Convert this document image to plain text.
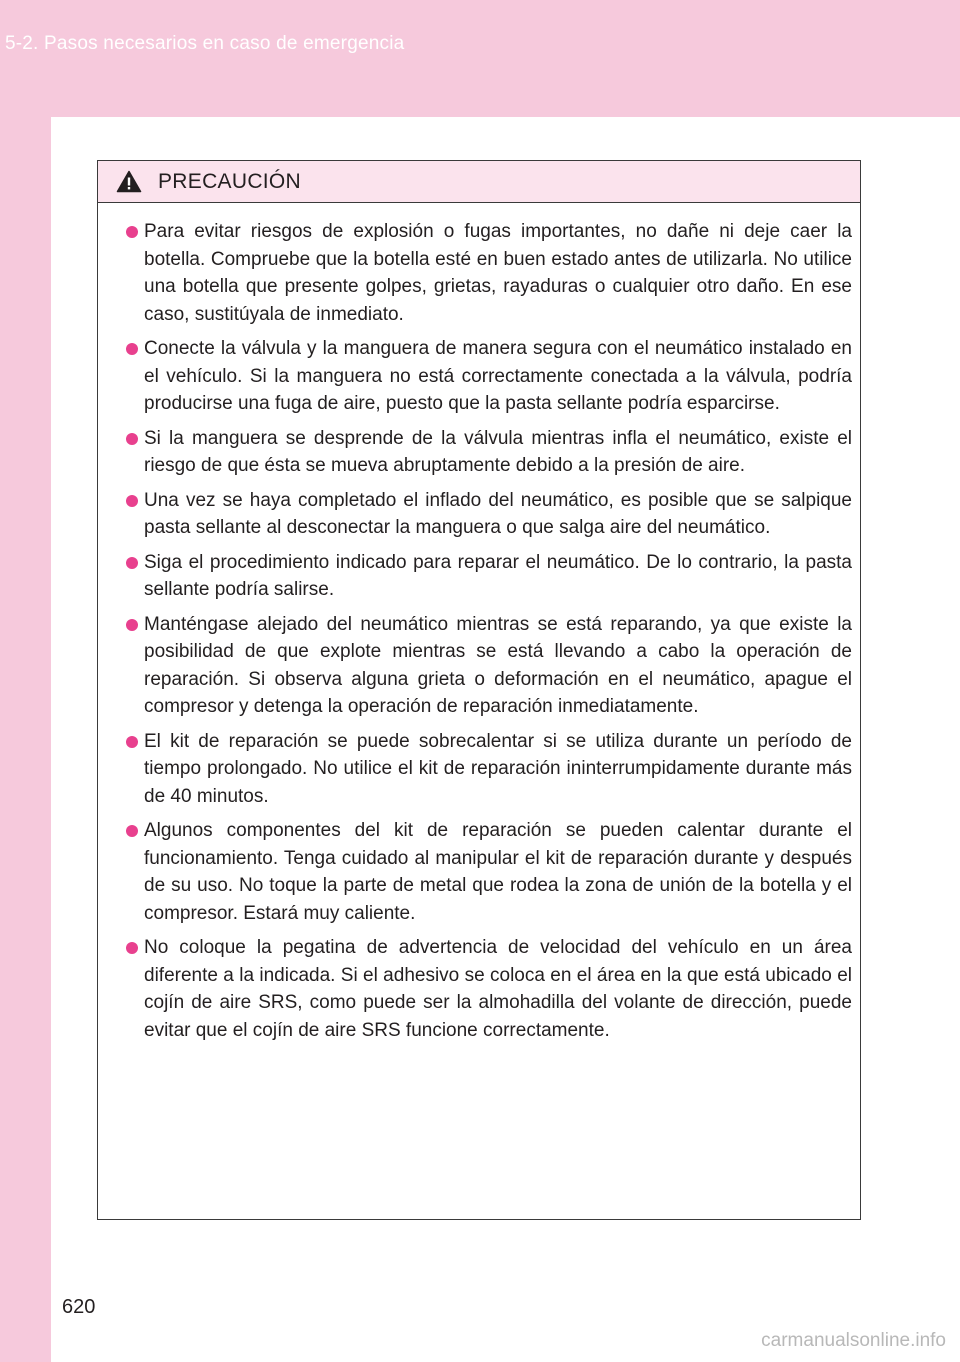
5-2. Pasos necesarios en caso de emergencia
PRECAUCIÓN
Para evitar riesgos de explosión o fugas importantes, no dañe ni deje caer la botella. Compruebe que la botella esté en buen estado antes de utilizarla. No utilice una botella que presente golpes, grietas, rayaduras o cualquier otro daño. En ese caso, sustitúyala de inmediato.
Conecte la válvula y la manguera de manera segura con el neumático instalado en el vehículo. Si la manguera no está correctamente conectada a la válvula, podría producirse una fuga de aire, puesto que la pasta sellante podría esparcirse.
Si la manguera se desprende de la válvula mientras infla el neumático, existe el riesgo de que ésta se mueva abruptamente debido a la presión de aire.
Una vez se haya completado el inflado del neumático, es posible que se salpique pasta sellante al desconectar la manguera o que salga aire del neumático.
Siga el procedimiento indicado para reparar el neumático. De lo contrario, la pasta sellante podría salirse.
Manténgase alejado del neumático mientras se está reparando, ya que existe la posibilidad de que explote mientras se está llevando a cabo la operación de reparación. Si observa alguna grieta o deformación en el neumático, apague el compresor y detenga la operación de reparación inmediatamente.
El kit de reparación se puede sobrecalentar si se utiliza durante un período de tiempo prolongado. No utilice el kit de reparación ininterrumpidamente durante más de 40 minutos.
Algunos componentes del kit de reparación se pueden calentar durante el funcionamiento. Tenga cuidado al manipular el kit de reparación durante y después de su uso. No toque la parte de metal que rodea la zona de unión de la botella y el compresor. Estará muy caliente.
No coloque la pegatina de advertencia de velocidad del vehículo en un área diferente a la indicada. Si el adhesivo se coloca en el área en la que está ubicado el cojín de aire SRS, como puede ser la almohadilla del volante de dirección, puede evitar que el cojín de aire SRS funcione correctamente.
620
carmanualsonline.info
